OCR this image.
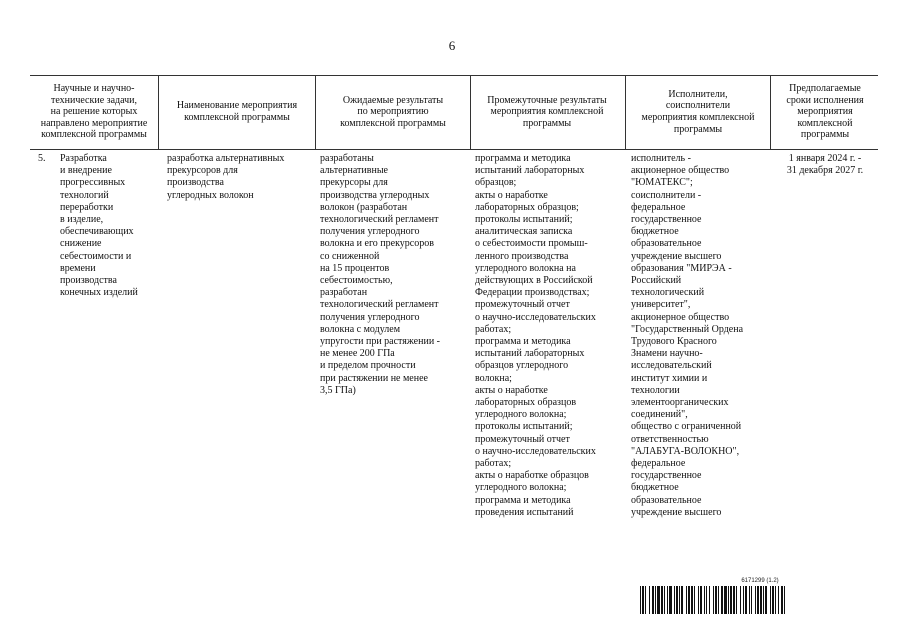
6
Научные и научно-
технические задачи,
на решение которых
направлено мероприятие
комплексной программы
Наименование мероприятия
комплексной программы
Ожидаемые результаты
по мероприятию
комплексной программы
Промежуточные результаты
мероприятия комплексной
программы
Исполнители,
соисполнители
мероприятия комплексной
программы
Предполагаемые
сроки исполнения
мероприятия
комплексной
программы
5. Разработка
и внедрение
прогрессивных
технологий
переработки
в изделие,
обеспечивающих
снижение
себестоимости и
времени
производства
конечных изделий
разработка альтернативных
прекурсоров для
производства
углеродных волокон
разработаны
альтернативные
прекурсоры для
производства углеродных
волокон (разработан
технологический регламент
получения углеродного
волокна и его прекурсоров
со сниженной
на 15 процентов
себестоимостью,
разработан
технологический регламент
получения углеродного
волокна с модулем
упругости при растяжении -
не менее 200 ГПа
и пределом прочности
при растяжении не менее
3,5 ГПа)
программа и методика
испытаний лабораторных
образцов;
акты о наработке
лабораторных образцов;
протоколы испытаний;
аналитическая записка
о себестоимости промыш-
ленного производства
углеродного волокна на
действующих в Российской
Федерации производствах;
промежуточный отчет
о научно-исследовательских
работах;
программа и методика
испытаний лабораторных
образцов углеродного
волокна;
акты о наработке
лабораторных образцов
углеродного волокна;
протоколы испытаний;
промежуточный отчет
о научно-исследовательских
работах;
акты о наработке образцов
углеродного волокна;
программа и методика
проведения испытаний
исполнитель -
акционерное общество
"ЮМАТЕКС";
соисполнители -
федеральное
государственное
бюджетное
образовательное
учреждение высшего
образования "МИРЭА -
Российский
технологический
университет",
акционерное общество
"Государственный Ордена
Трудового Красного
Знамени научно-
исследовательский
институт химии и
технологии
элементоорганических
соединений",
общество с ограниченной
ответственностью
"АЛАБУГА-ВОЛОКНО",
федеральное
государственное
бюджетное
образовательное
учреждение высшего
1 января 2024 г. -
31 декабря 2027 г.
6171299 (1.2)
